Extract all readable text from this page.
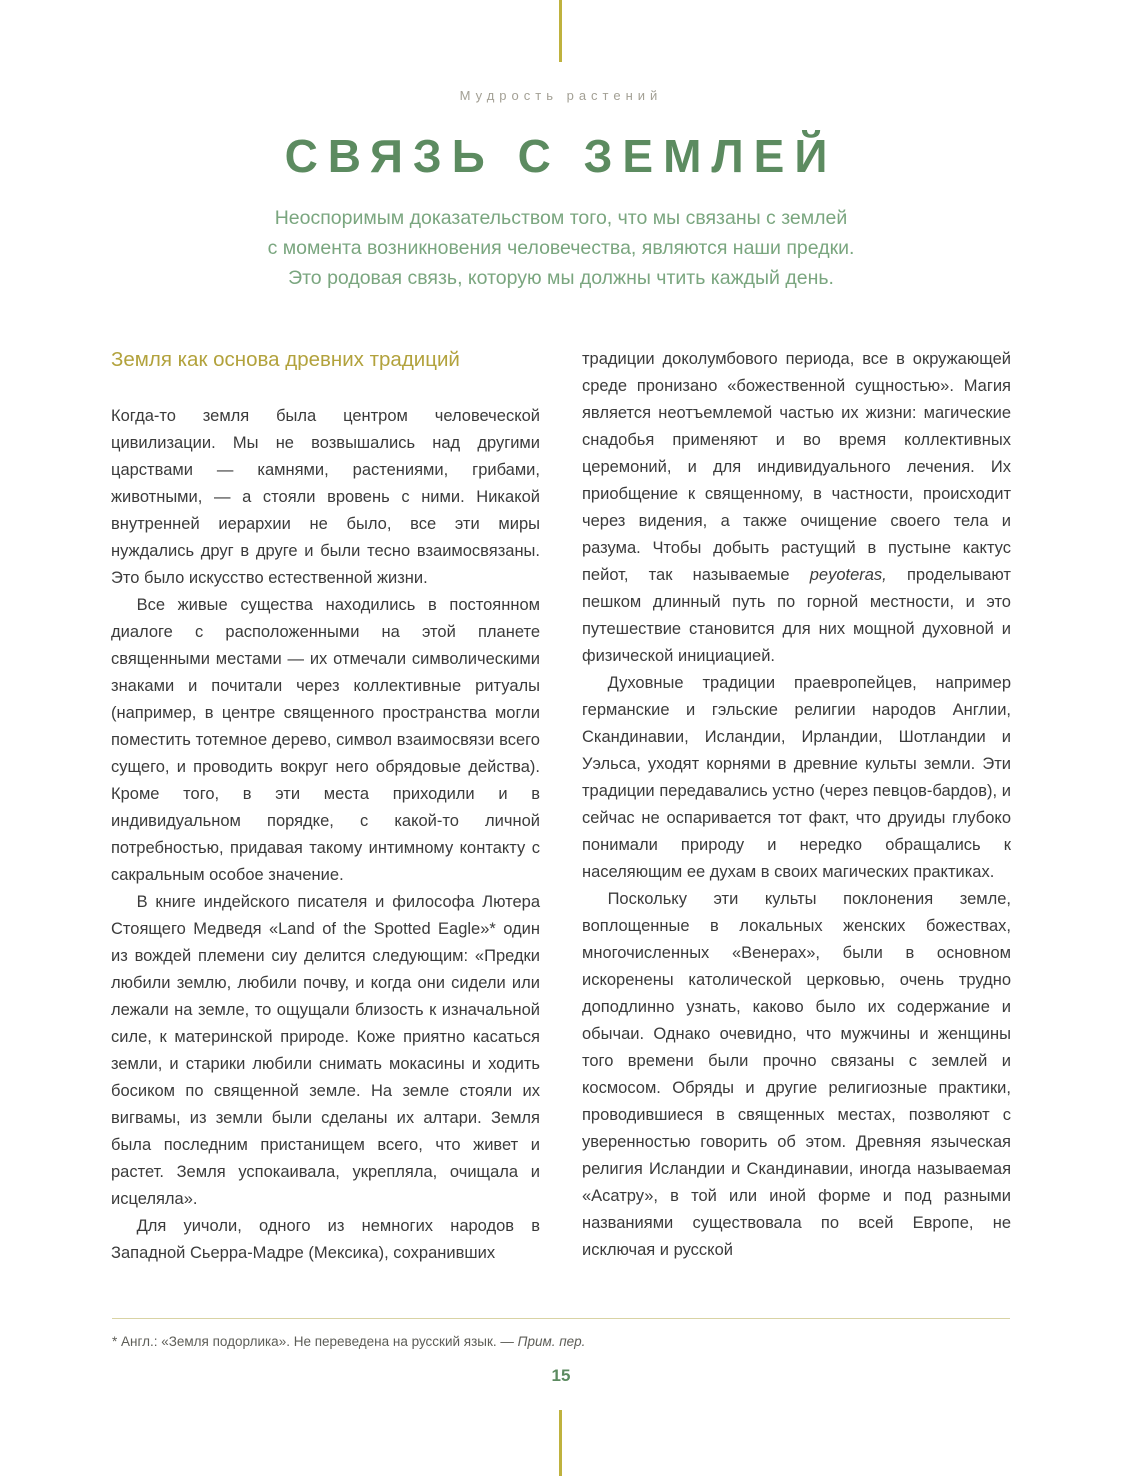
Мудрость растений
СВЯЗЬ С ЗЕМЛЕЙ
Неоспоримым доказательством того, что мы связаны с землей
с момента возникновения человечества, являются наши предки.
Это родовая связь, которую мы должны чтить каждый день.
Земля как основа древних традиций

Когда-то земля была центром человеческой цивилизации. Мы не возвышались над другими царствами — камнями, растениями, грибами, животными, — а стояли вровень с ними. Никакой внутренней иерархии не было, все эти миры нуждались друг в друге и были тесно взаимосвязаны. Это было искусство естественной жизни.

Все живые существа находились в постоянном диалоге с расположенными на этой планете священными местами — их отмечали символическими знаками и почитали через коллективные ритуалы (например, в центре священного пространства могли поместить тотемное дерево, символ взаимосвязи всего сущего, и проводить вокруг него обрядовые действа). Кроме того, в эти места приходили и в индивидуальном порядке, с какой-то личной потребностью, придавая такому интимному контакту с сакральным особое значение.

В книге индейского писателя и философа Лютера Стоящего Медведя «Land of the Spotted Eagle»* один из вождей племени сиу делится следующим: «Предки любили землю, любили почву, и когда они сидели или лежали на земле, то ощущали близость к изначальной силе, к материнской природе. Коже приятно касаться земли, и старики любили снимать мокасины и ходить босиком по священной земле. На земле стояли их вигвамы, из земли были сделаны их алтари. Земля была последним пристанищем всего, что живет и растет. Земля успокаивала, укрепляла, очищала и исцеляла».

Для уичоли, одного из немногих народов в Западной Сьерра-Мадре (Мексика), сохранивших

традиции доколумбового периода, все в окружающей среде пронизано «божественной сущностью». Магия является неотъемлемой частью их жизни: магические снадобья применяют и во время коллективных церемоний, и для индивидуального лечения. Их приобщение к священному, в частности, происходит через видения, а также очищение своего тела и разума. Чтобы добыть растущий в пустыне кактус пейот, так называемые peyoteras, проделывают пешком длинный путь по горной местности, и это путешествие становится для них мощной духовной и физической инициацией.

Духовные традиции праевропейцев, например германские и гэльские религии народов Англии, Скандинавии, Исландии, Ирландии, Шотландии и Уэльса, уходят корнями в древние культы земли. Эти традиции передавались устно (через певцов-бардов), и сейчас не оспаривается тот факт, что друиды глубоко понимали природу и нередко обращались к населяющим ее духам в своих магических практиках.

Поскольку эти культы поклонения земле, воплощенные в локальных женских божествах, многочисленных «Венерах», были в основном искоренены католической церковью, очень трудно доподлинно узнать, каково было их содержание и обычаи. Однако очевидно, что мужчины и женщины того времени были прочно связаны с землей и космосом. Обряды и другие религиозные практики, проводившиеся в священных местах, позволяют с уверенностью говорить об этом. Древняя языческая религия Исландии и Скандинавии, иногда называемая «Асатру», в той или иной форме и под разными названиями существовала по всей Европе, не исключая и русской

* Англ.: «Земля подорлика». Не переведена на русский язык. — Прим. пер.

15
